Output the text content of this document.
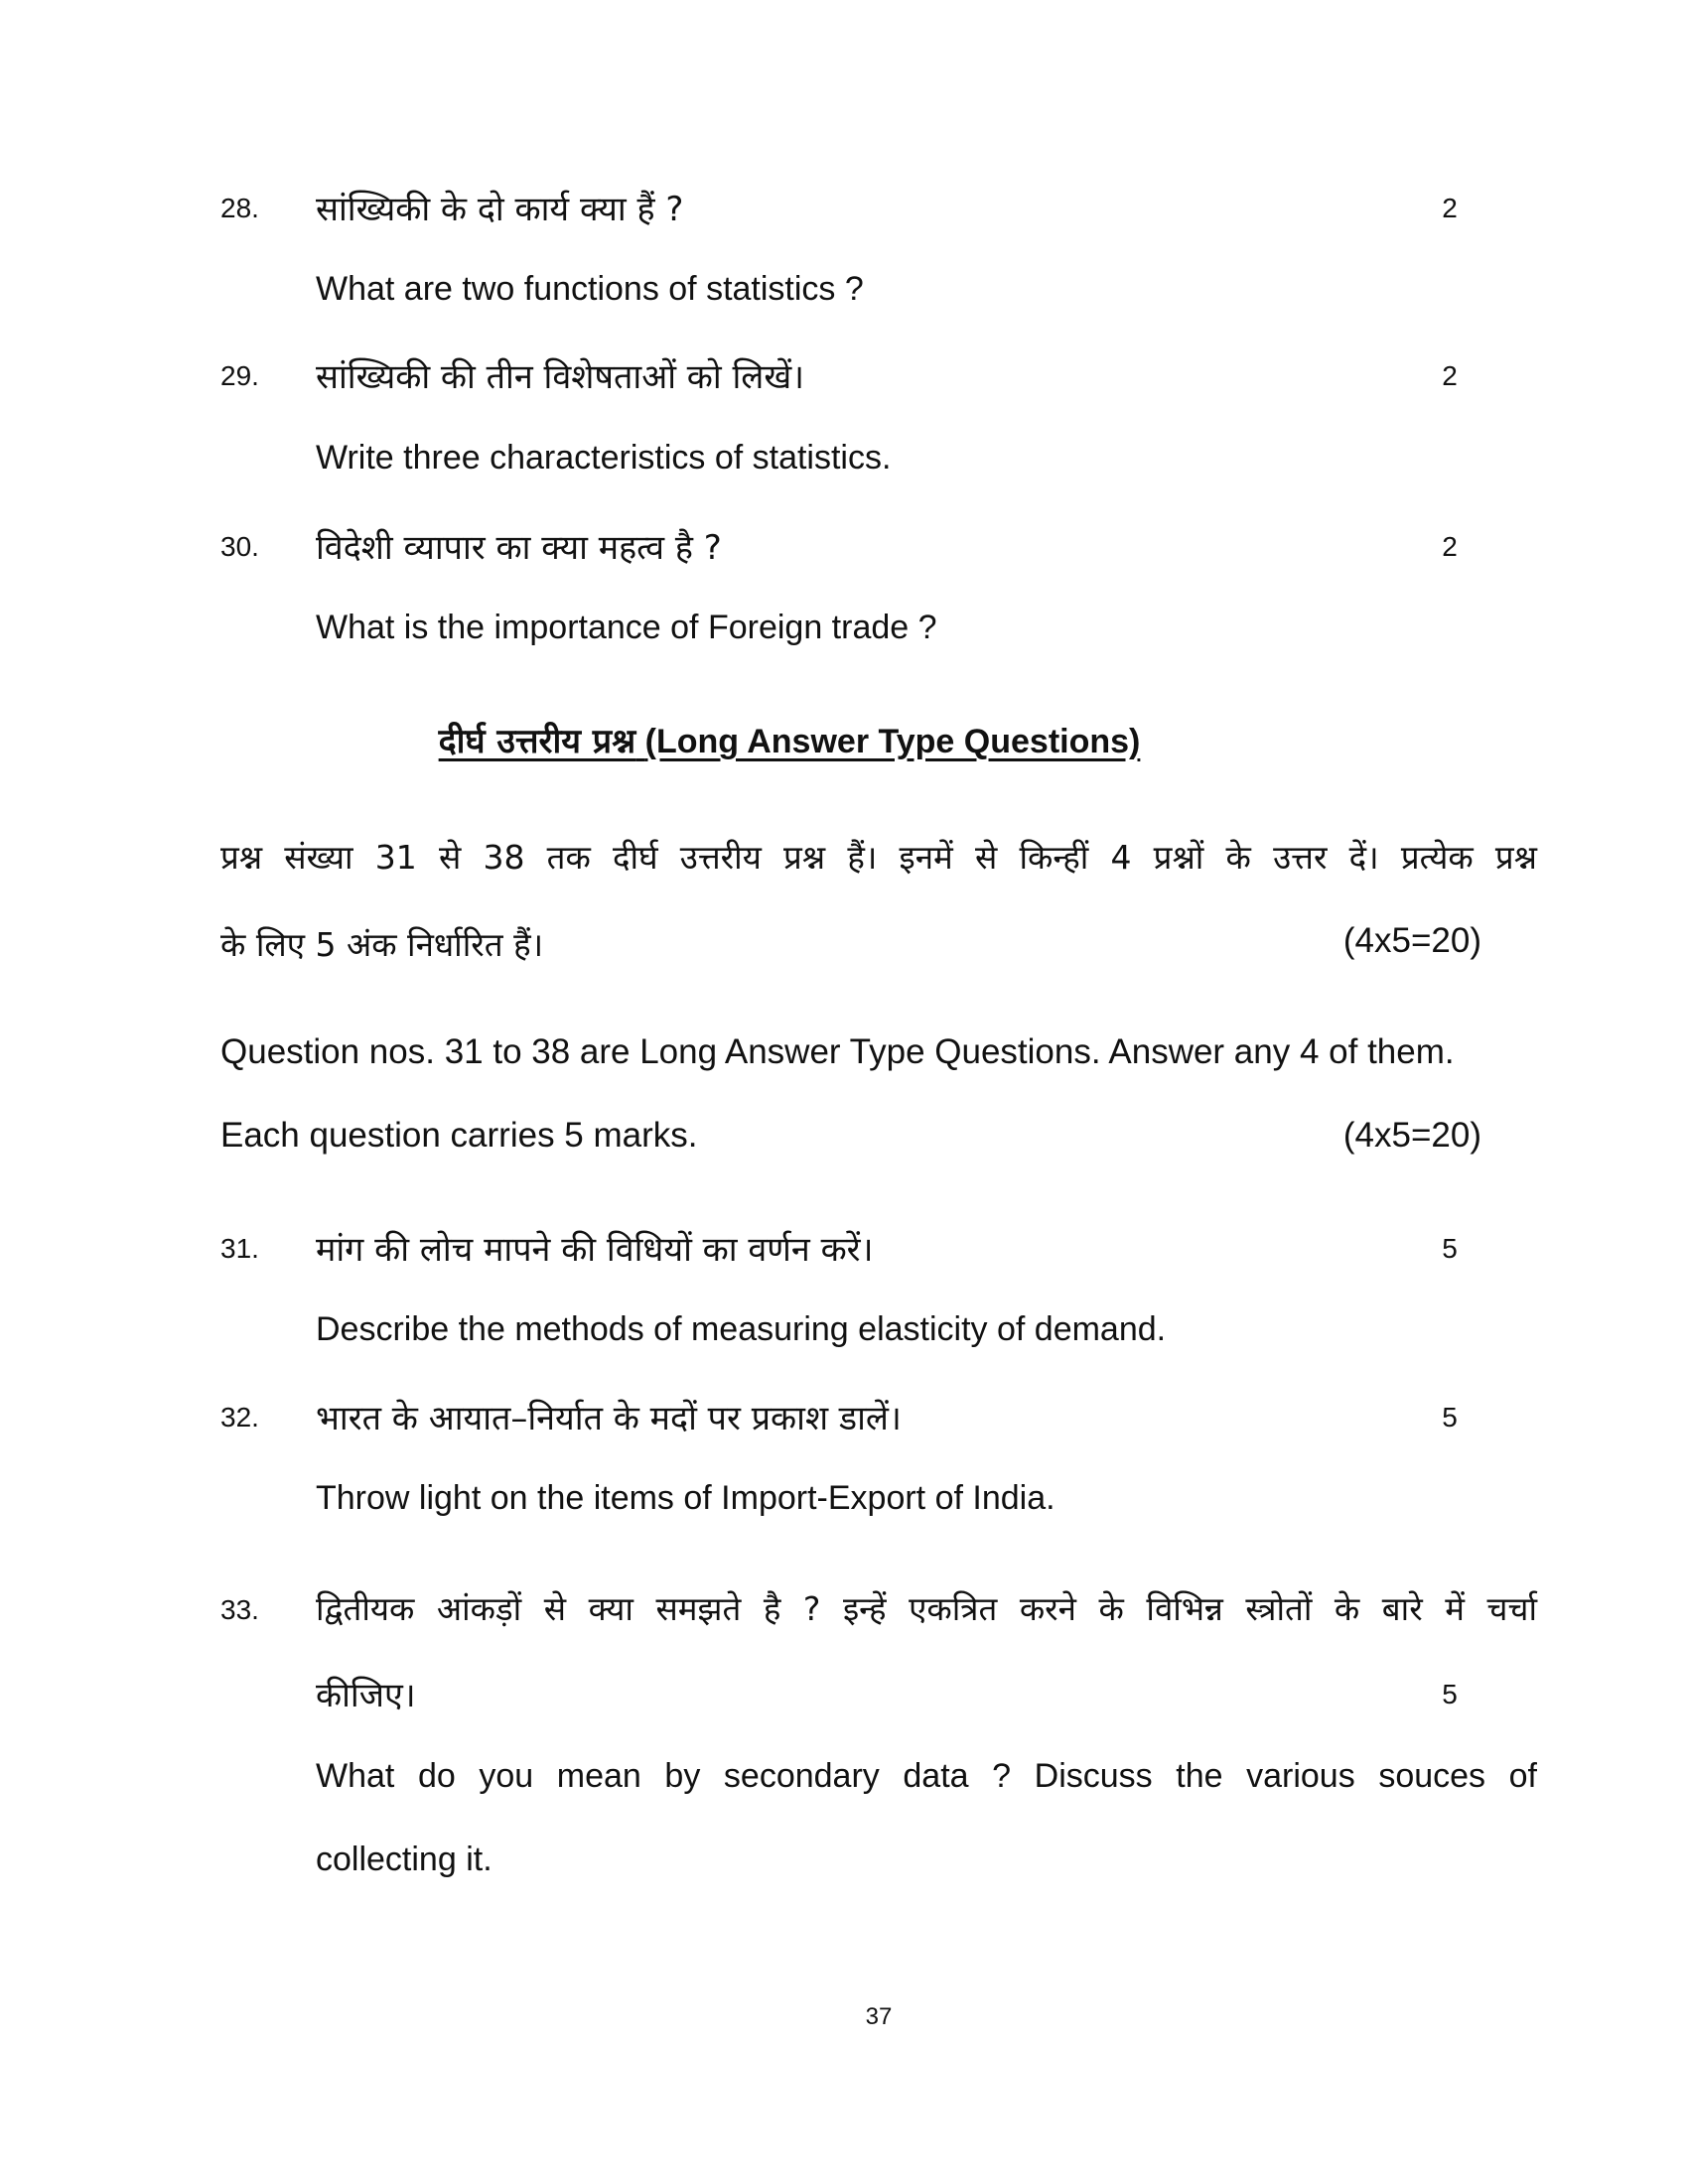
28. सांख्यिकी के दो कार्य क्या हैं ?	2
What are two functions of statistics ?
29. सांख्यिकी की तीन विशेषताओं को लिखें।	2
Write three characteristics of statistics.
30. विदेशी व्यापार का क्या महत्व है ?	2
What is the importance of Foreign trade ?
दीर्घ उत्तरीय प्रश्न (Long Answer Type Questions)
प्रश्न संख्या 31 से 38 तक दीर्घ उत्तरीय प्रश्न हैं। इनमें से किन्हीं 4 प्रश्नों के उत्तर दें। प्रत्येक प्रश्न
के लिए 5 अंक निर्धारित हैं।	(4x5=20)
Question nos. 31 to 38 are Long Answer Type Questions. Answer any 4 of them.
Each question carries 5 marks.	(4x5=20)
31. मांग की लोच मापने की विधियों का वर्णन करें।	5
Describe the methods of measuring elasticity of demand.
32. भारत के आयात–निर्यात के मदों पर प्रकाश डालें।	5
Throw light on the items of Import-Export of India.
33. द्वितीयक आंकड़ों से क्या समझते है ? इन्हें एकत्रित करने के विभिन्न स्त्रोतों के बारे में चर्चा
कीजिए।	5
What do you mean by secondary data ? Discuss the various souces of
collecting it.
37
